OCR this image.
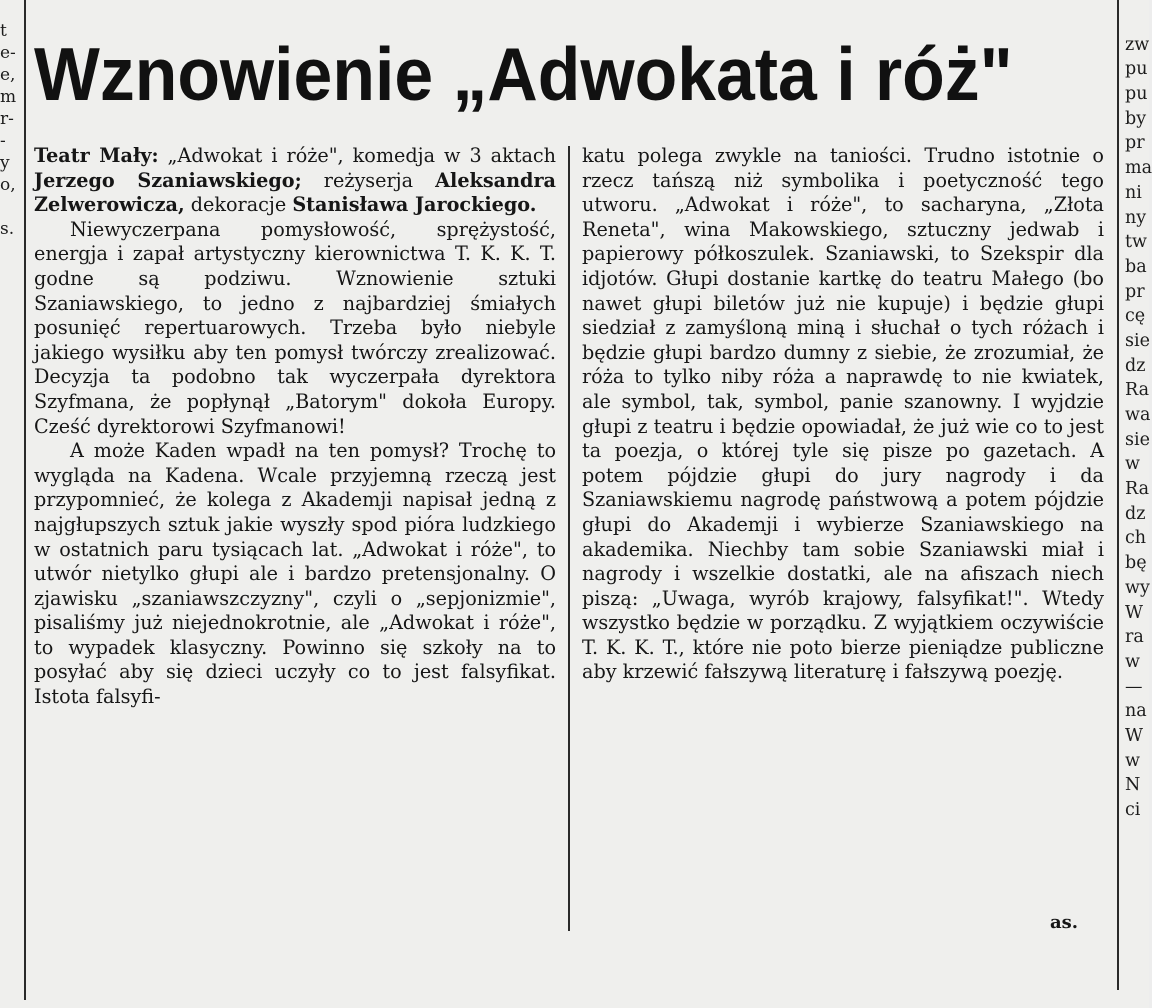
t
e-
e,
m
r-
-
y
o,
s.
Wznowienie „Adwokata i róż"

Teatr Mały: „Adwokat i róże", komedja w 3 aktach Jerzego Szaniawskiego; reżyserja Aleksandra Zelwerowicza, dekoracje Stanisława Jarockiego.

Niewyczerpana pomysłowość, sprężystość, energja i zapał artystyczny kierownictwa T. K. K. T. godne są podziwu. Wznowienie sztuki Szaniawskiego, to jedno z najbardziej śmiałych posunięć repertuarowych. Trzeba było niebyle jakiego wysiłku aby ten pomysł twórczy zrealizować. Decyzja ta podobno tak wyczerpała dyrektora Szyfmana, że popłynął „Batorym" dokoła Europy. Cześć dyrektorowi Szyfmanowi!

A może Kaden wpadł na ten pomysł? Trochę to wygląda na Kadena. Wcale przyjemną rzeczą jest przypomnieć, że kolega z Akademji napisał jedną z najgłupszych sztuk jakie wyszły spod pióra ludzkiego w ostatnich paru tysiącach lat. „Adwokat i róże", to utwór nietylko głupi ale i bardzo pretensjonalny. O zjawisku „szaniawszczyzny", czyli o „sepjonizmie", pisaliśmy już niejednokrotnie, ale „Adwokat i róże", to wypadek klasyczny. Powinno się szkoły na to posyłać aby się dzieci uczyły co to jest falsyfikat. Istota falsyfi-

katu polega zwykle na taniości. Trudno istotnie o rzecz tańszą niż symbolika i poetyczność tego utworu. „Adwokat i róże", to sacharyna, „Złota Reneta", wina Makowskiego, sztuczny jedwab i papierowy półkoszulek. Szaniawski, to Szekspir dla idjotów. Głupi dostanie kartkę do teatru Małego (bo nawet głupi biletów już nie kupuje) i będzie głupi siedział z zamyśloną miną i słuchał o tych różach i będzie głupi bardzo dumny z siebie, że zrozumiał, że róża to tylko niby róża a naprawdę to nie kwiatek, ale symbol, tak, symbol, panie szanowny. I wyjdzie głupi z teatru i będzie opowiadał, że już wie co to jest ta poezja, o której tyle się pisze po gazetach. A potem pójdzie głupi do jury nagrody i da Szaniawskiemu nagrodę państwową a potem pójdzie głupi do Akademji i wybierze Szaniawskiego na akademika. Niechby tam sobie Szaniawski miał i nagrody i wszelkie dostatki, ale na afiszach niech piszą: „Uwaga, wyrób krajowy, falsyfikat!". Wtedy wszystko będzie w porządku. Z wyjątkiem oczywiście T. K. K. T., które nie poto bierze pieniądze publiczne aby krzewić fałszywą literaturę i fałszywą poezję.

as.
zw
pu
pu
by
pr
ma
ni
ny
tw
ba
pr
cę
sie
dz
Ra
wa
sie
w
Ra
dz
ch
bę
wy
W
ra
w
—
na
W
w
N
ci
